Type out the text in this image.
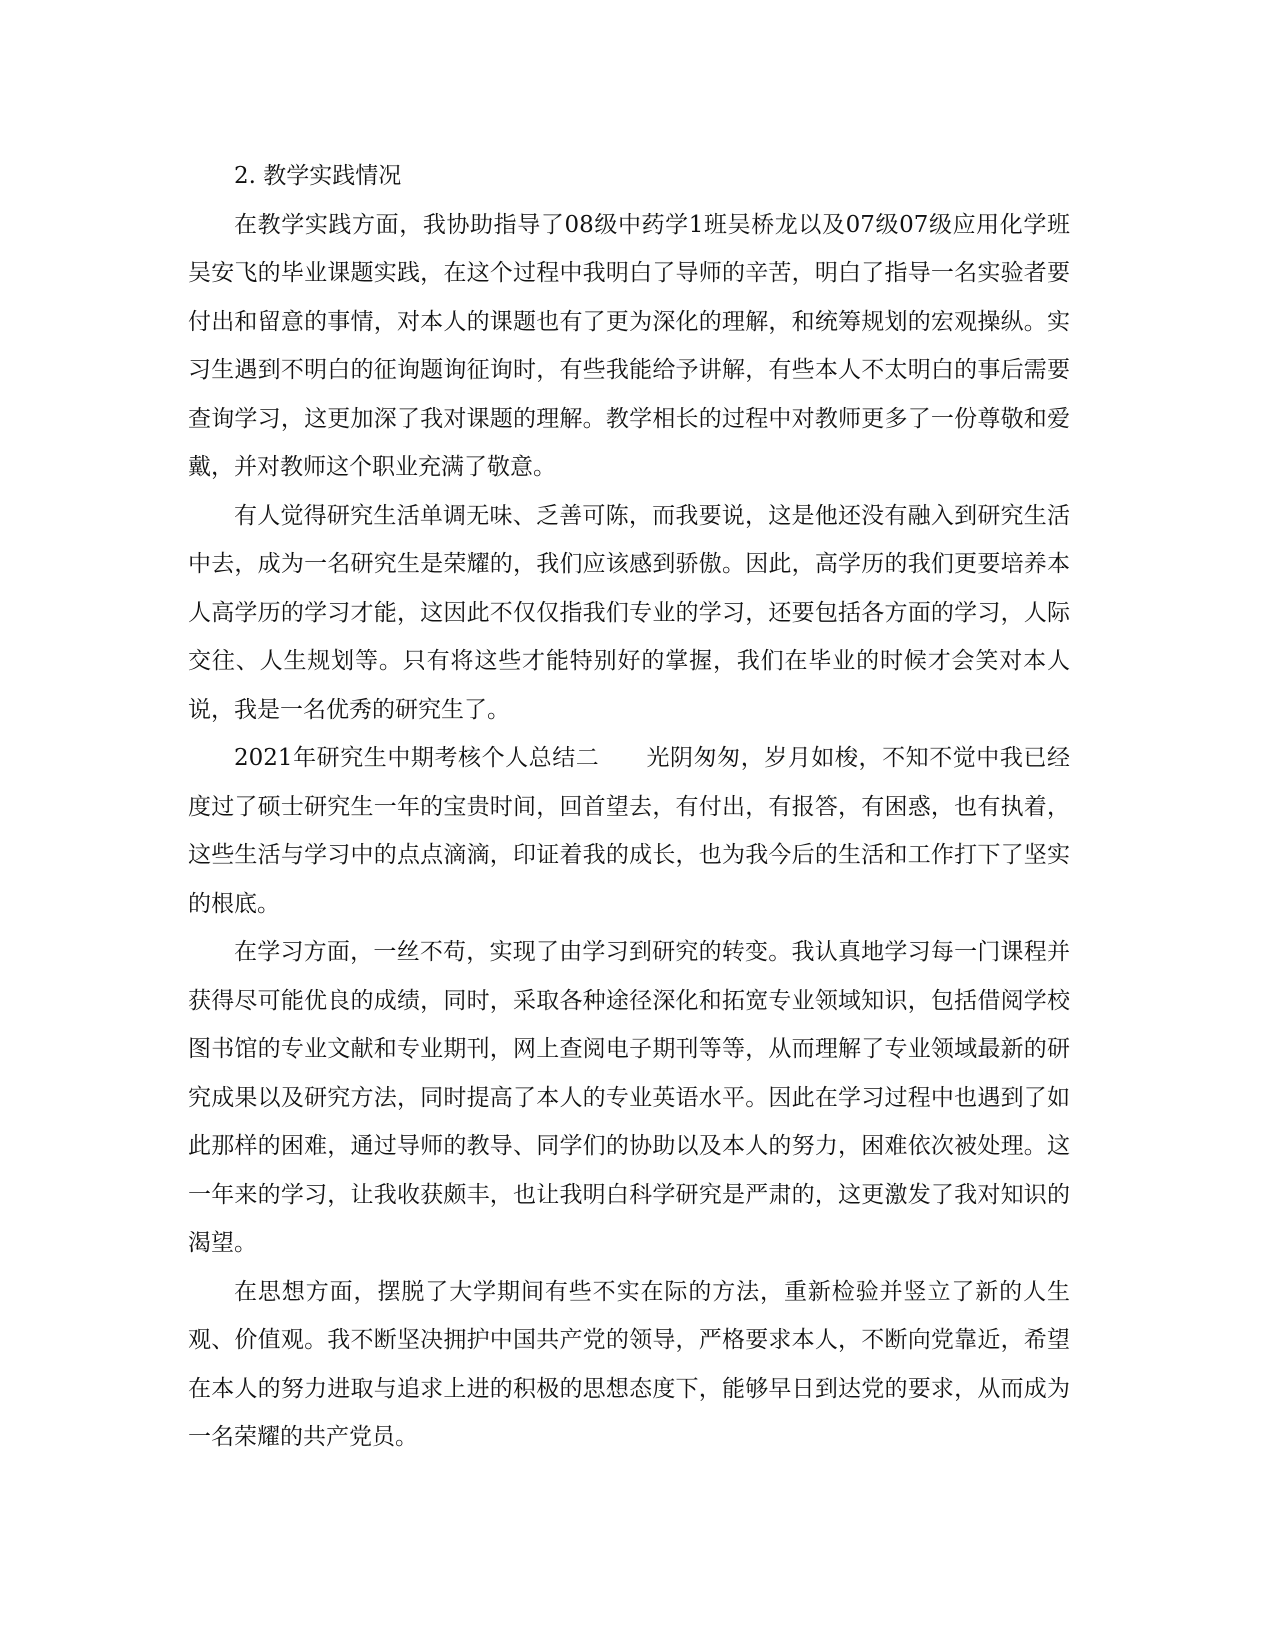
2. 教学实践情况

在教学实践方面，我协助指导了08级中药学1班吴桥龙以及07级07级应用化学班吴安飞的毕业课题实践，在这个过程中我明白了导师的辛苦，明白了指导一名实验者要付出和留意的事情，对本人的课题也有了更为深化的理解，和统筹规划的宏观操纵。实习生遇到不明白的征询题询征询时，有些我能给予讲解，有些本人不太明白的事后需要查询学习，这更加深了我对课题的理解。教学相长的过程中对教师更多了一份尊敬和爱戴，并对教师这个职业充满了敬意。

有人觉得研究生活单调无味、乏善可陈，而我要说，这是他还没有融入到研究生活中去，成为一名研究生是荣耀的，我们应该感到骄傲。因此，高学历的我们更要培养本人高学历的学习才能，这因此不仅仅指我们专业的学习，还要包括各方面的学习，人际交往、人生规划等。只有将这些才能特别好的掌握，我们在毕业的时候才会笑对本人说，我是一名优秀的研究生了。

2021年研究生中期考核个人总结二　　光阴匆匆，岁月如梭，不知不觉中我已经度过了硕士研究生一年的宝贵时间，回首望去，有付出，有报答，有困惑，也有执着，这些生活与学习中的点点滴滴，印证着我的成长，也为我今后的生活和工作打下了坚实的根底。

在学习方面，一丝不苟，实现了由学习到研究的转变。我认真地学习每一门课程并获得尽可能优良的成绩，同时，采取各种途径深化和拓宽专业领域知识，包括借阅学校图书馆的专业文献和专业期刊，网上查阅电子期刊等等，从而理解了专业领域最新的研究成果以及研究方法，同时提高了本人的专业英语水平。因此在学习过程中也遇到了如此那样的困难，通过导师的教导、同学们的协助以及本人的努力，困难依次被处理。这一年来的学习，让我收获颇丰，也让我明白科学研究是严肃的，这更激发了我对知识的渴望。

在思想方面，摆脱了大学期间有些不实在际的方法，重新检验并竖立了新的人生观、价值观。我不断坚决拥护中国共产党的领导，严格要求本人，不断向党靠近，希望在本人的努力进取与追求上进的积极的思想态度下，能够早日到达党的要求，从而成为一名荣耀的共产党员。
